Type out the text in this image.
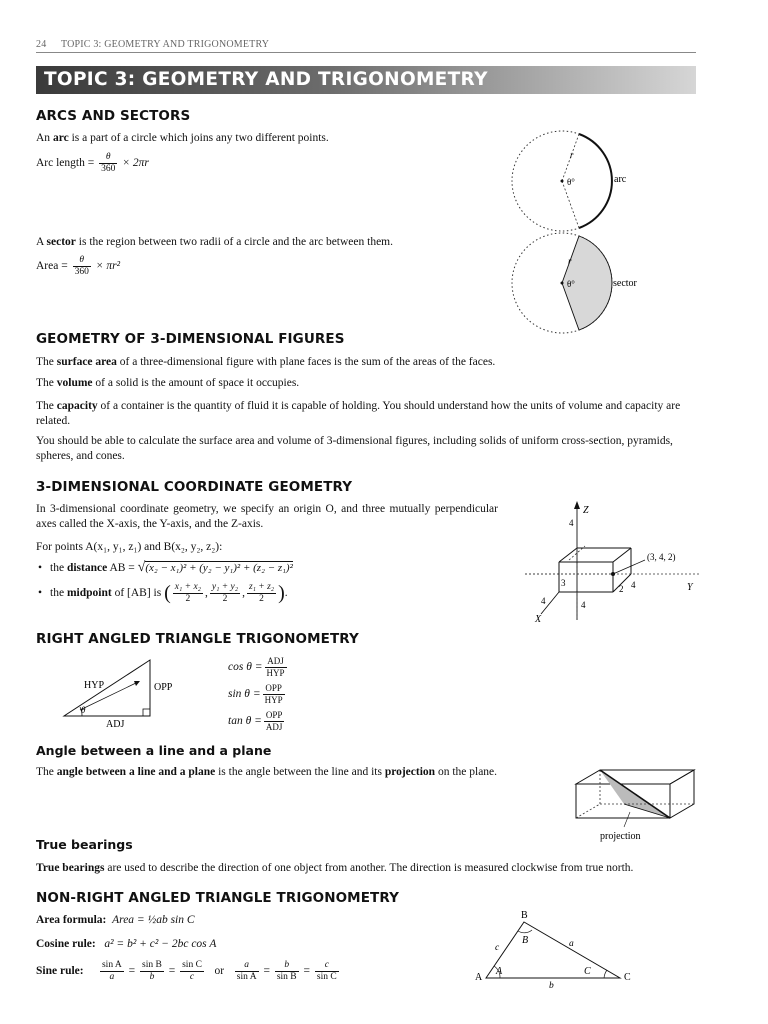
24 TOPIC 3: GEOMETRY AND TRIGONOMETRY
TOPIC 3: GEOMETRY AND TRIGONOMETRY
ARCS AND SECTORS

An arc is a part of a circle which joins any two different points.

Arc length = $\frac{\theta}{360} \times 2\pi r$

A sector is the region between two radii of a circle and the arc between them.

Area = $\frac{\theta}{360} \times \pi r^2$
r
θ°	arc
r
θ°	sector
GEOMETRY OF 3-DIMENSIONAL FIGURES

The surface area of a three-dimensional figure with plane faces is the sum of the areas of the faces.

The volume of a solid is the amount of space it occupies.

The capacity of a container is the quantity of fluid it is capable of holding. You should understand how the units of volume and capacity are related.

You should be able to calculate the surface area and volume of 3-dimensional figures, including solids of uniform cross-section, pyramids, spheres, and cones.

3-DIMENSIONAL COORDINATE GEOMETRY

In 3-dimensional coordinate geometry, we specify an origin O, and three mutually perpendicular axes called the X-axis, the Y-axis, and the Z-axis.

For points A(x₁, y₁, z₁) and B(x₂, y₂, z₂):

• the distance AB = √(x₂ − x₁)² + (y₂ − y₁)² + (z₂ − z₁)²
• the midpoint of [AB] is ( $\frac{\text{x₁ + x₂}}{2}$ , $\frac{\text{y₁ + y₂}}{2}$ , $\frac{\text{z₁ + z₂}}{2}$ ).
Z
Y
X
(3, 4, 2)
4
3
2 4
4	4
RIGHT ANGLED TRIANGLE TRIGONOMETRY
HYP	OPP
ADJ
θ
$\cos \theta = \frac{\text{ADJ}}{\text{HYP}}$
$\sin \theta = \frac{\text{OPP}}{\text{HYP}}$
$\tan \theta = \frac{\text{OPP}}{\text{ADJ}}$
Angle between a line and a plane

The angle between a line and a plane is the angle between the line and its projection on the plane.

projection
True bearings

True bearings are used to describe the direction of one object from another. The direction is measured clockwise from true north.

NON-RIGHT ANGLED TRIANGLE TRIGONOMETRY
Area formula: Area = ½ab sin C
Cosine rule: a² = b² + c² − 2bc cos A
Sine rule: $\frac{\text{sin A}}{a} = \frac{\text{sin B}}{b} = \frac{\text{sin C}}{c}$ or $\frac{a}{\text{sin A}} = \frac{b}{\text{sin B}} = \frac{c}{\text{sin C}}$
B
A	C
B
A	C
a
b
c
